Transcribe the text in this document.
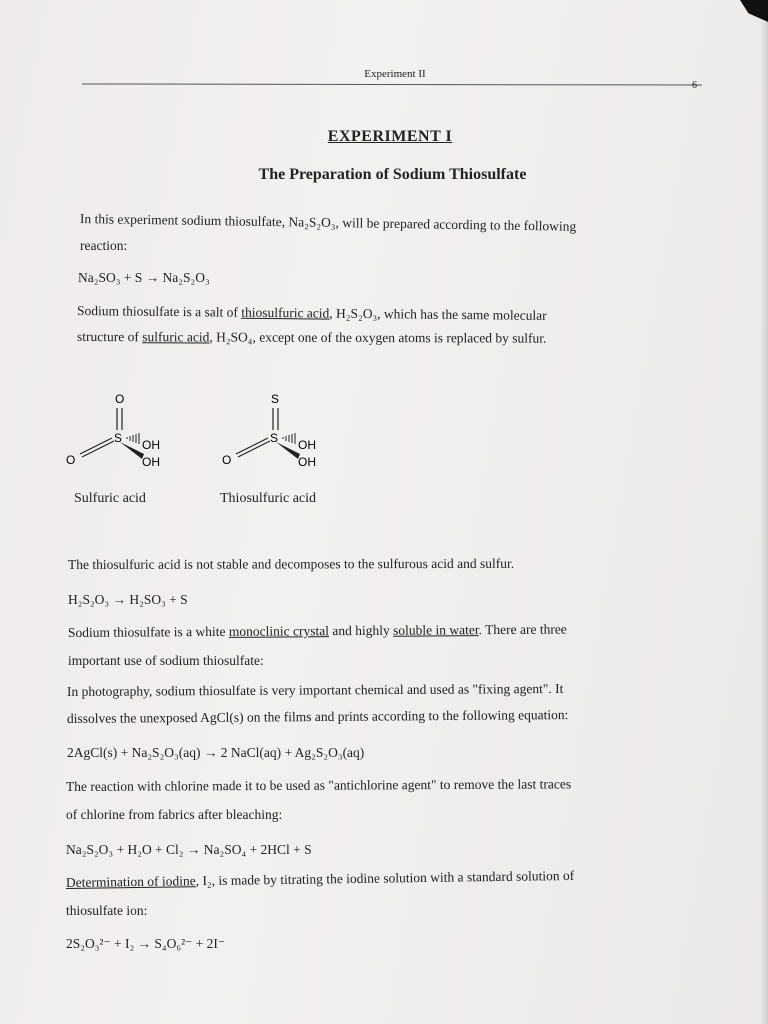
Experiment II
6
EXPERIMENT I
The Preparation of Sodium Thiosulfate
In this experiment sodium thiosulfate, Na₂S₂O₃, will be prepared according to the following
reaction:
Na₂SO₃ + S → Na₂S₂O₃
Sodium thiosulfate is a salt of thiosulfuric acid, H₂S₂O₃, which has the same molecular
structure of sulfuric acid, H₂SO₄, except one of the oxygen atoms is replaced by sulfur.
O
S
O
OH
OH
S
S
O
OH
OH
Sulfuric acid	Thiosulfuric acid
The thiosulfuric acid is not stable and decomposes to the sulfurous acid and sulfur.
H₂S₂O₃ → H₂SO₃ + S
Sodium thiosulfate is a white monoclinic crystal and highly soluble in water. There are three
important use of sodium thiosulfate:
In photography, sodium thiosulfate is very important chemical and used as "fixing agent". It
dissolves the unexposed AgCl(s) on the films and prints according to the following equation:
2AgCl(s) + Na₂S₂O₃(aq) → 2 NaCl(aq) + Ag₂S₂O₃(aq)
The reaction with chlorine made it to be used as "antichlorine agent" to remove the last traces
of chlorine from fabrics after bleaching:
Na₂S₂O₃ + H₂O + Cl₂ → Na₂SO₄ + 2HCl + S
Determination of iodine, I₂, is made by titrating the iodine solution with a standard solution of
thiosulfate ion:
2S₂O₃²⁻ + I₂ → S₄O₆²⁻ + 2I⁻
